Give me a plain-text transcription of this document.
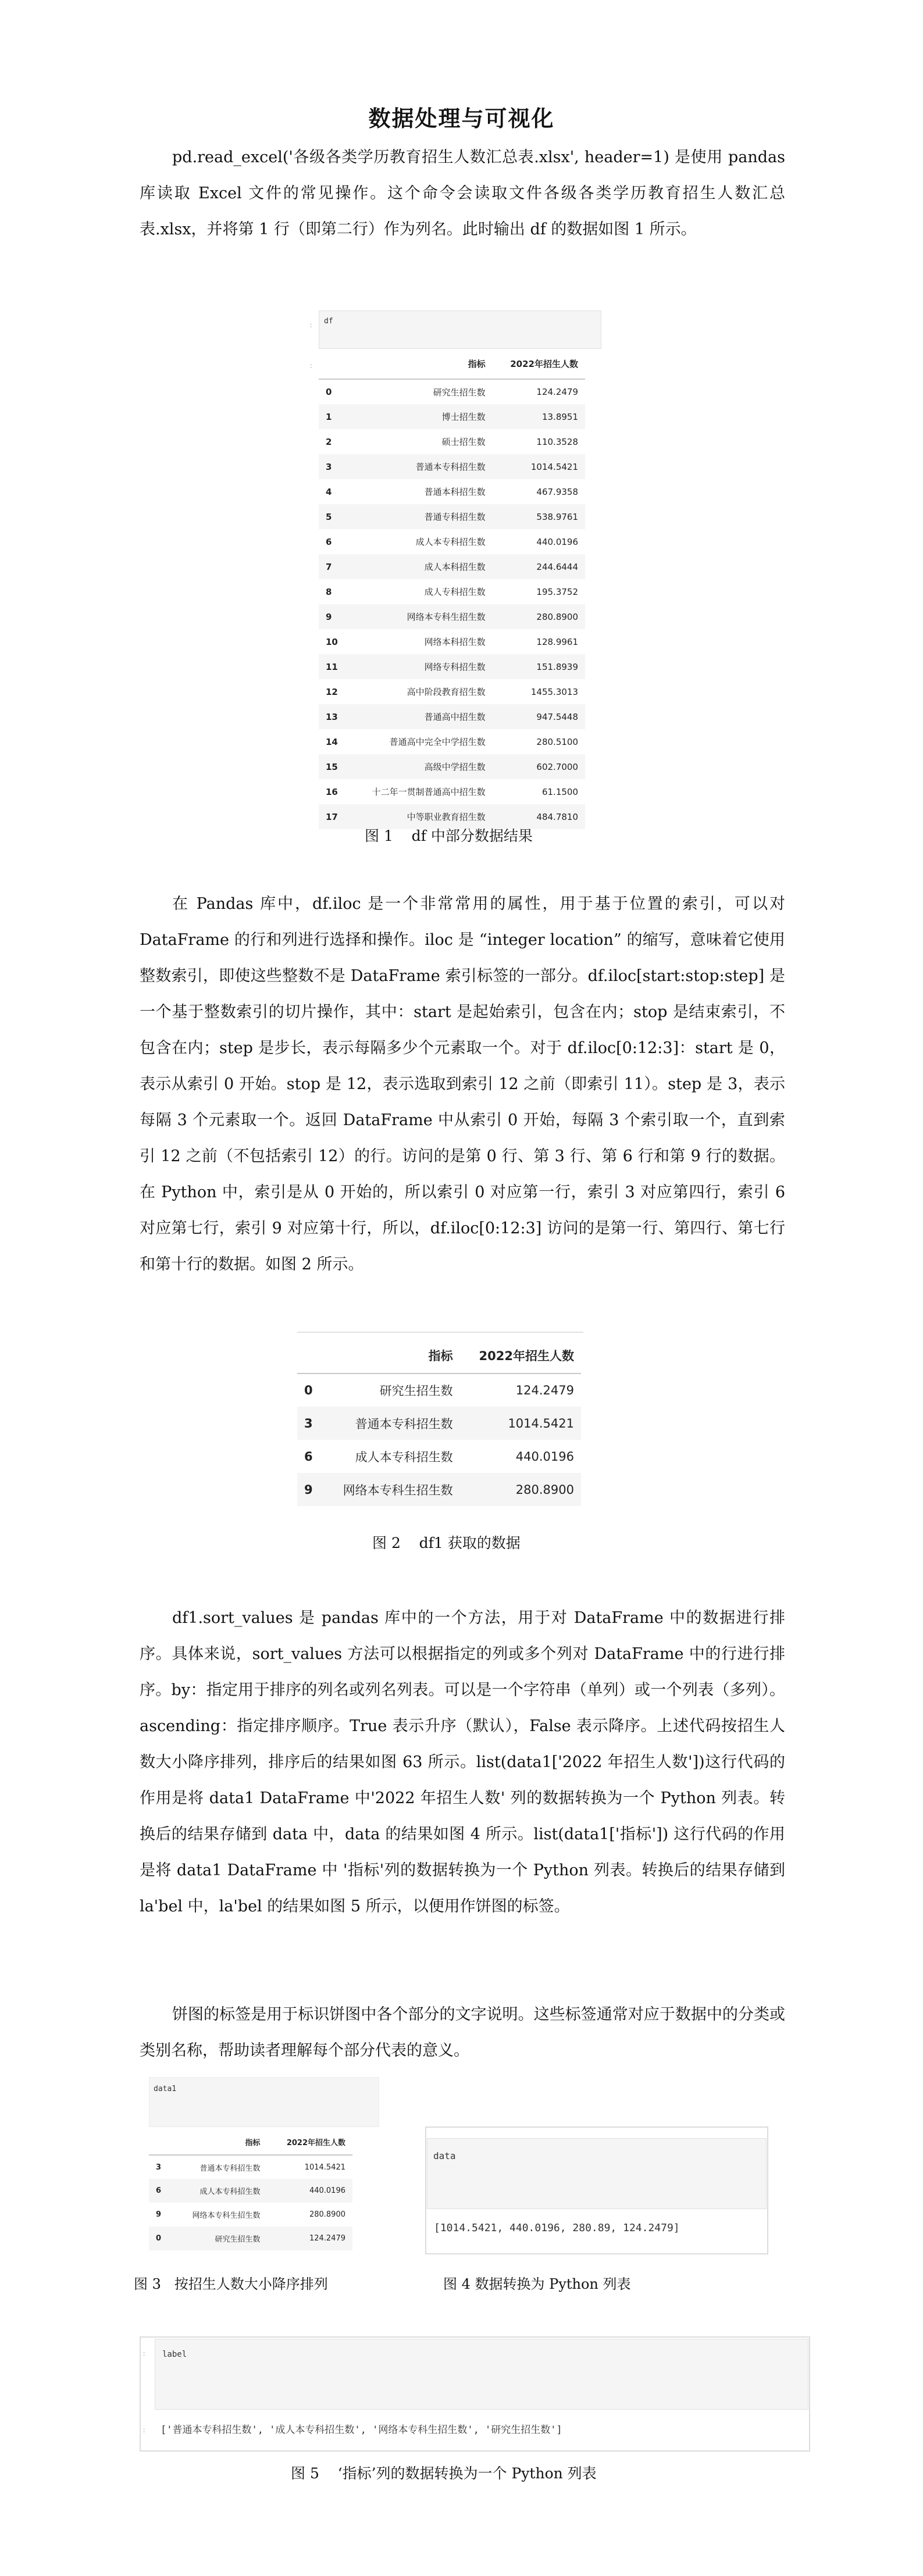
数据处理与可视化

pd.read_excel('各级各类学历教育招生人数汇总表.xlsx', header=1) 是使用 pandas 库读取 Excel 文件的常见操作。这个命令会读取文件各级各类学历教育招生人数汇总表.xlsx，并将第 1 行（即第二行）作为列名。此时输出 df 的数据如图 1 所示。

:	df
:
		指标	2022年招生人数
0	研究生招生数	124.2479
1	博士招生数	13.8951
2	硕士招生数	110.3528
3	普通本专科招生数	1014.5421
4	普通本科招生数	467.9358
5	普通专科招生数	538.9761
6	成人本专科招生数	440.0196
7	成人本科招生数	244.6444
8	成人专科招生数	195.3752
9	网络本专科生招生数	280.8900
10	网络本科招生数	128.9961
11	网络专科招生数	151.8939
12	高中阶段教育招生数	1455.3013
13	普通高中招生数	947.5448
14	普通高中完全中学招生数	280.5100
15	高级中学招生数	602.7000
16	十二年一贯制普通高中招生数	61.1500
17	中等职业教育招生数	484.7810
图 1    df 中部分数据结果

在 Pandas 库中，df.iloc 是一个非常常用的属性，用于基于位置的索引，可以对 DataFrame 的行和列进行选择和操作。iloc 是 “integer location” 的缩写，意味着它使用整数索引，即使这些整数不是 DataFrame 索引标签的一部分。df.iloc[start:stop:step] 是一个基于整数索引的切片操作，其中：start 是起始索引，包含在内；stop 是结束索引，不包含在内；step 是步长，表示每隔多少个元素取一个。对于 df.iloc[0:12:3]：start 是 0，表示从索引 0 开始。stop 是 12，表示选取到索引 12 之前（即索引 11）。step 是 3，表示每隔 3 个元素取一个。返回 DataFrame 中从索引 0 开始，每隔 3 个索引取一个，直到索引 12 之前（不包括索引 12）的行。访问的是第 0 行、第 3 行、第 6 行和第 9 行的数据。在 Python 中，索引是从 0 开始的，所以索引 0 对应第一行，索引 3 对应第四行，索引 6 对应第七行，索引 9 对应第十行，所以，df.iloc[0:12:3] 访问的是第一行、第四行、第七行和第十行的数据。如图 2 所示。

	指标	2022年招生人数
0	研究生招生数	124.2479
3	普通本专科招生数	1014.5421
6	成人本专科招生数	440.0196
9	网络本专科生招生数	280.8900
图 2    df1 获取的数据

df1.sort_values 是 pandas 库中的一个方法，用于对 DataFrame 中的数据进行排序。具体来说，sort_values 方法可以根据指定的列或多个列对 DataFrame 中的行进行排序。by：指定用于排序的列名或列名列表。可以是一个字符串（单列）或一个列表（多列）。ascending：指定排序顺序。True 表示升序（默认），False 表示降序。上述代码按招生人数大小降序排列，排序后的结果如图 63 所示。list(data1['2022 年招生人数'])这行代码的作用是将 data1 DataFrame 中'2022 年招生人数' 列的数据转换为一个 Python 列表。转换后的结果存储到 data 中，data 的结果如图 4 所示。list(data1['指标']) 这行代码的作用是将 data1 DataFrame 中 '指标'列的数据转换为一个 Python 列表。转换后的结果存储到 la'bel 中，la'bel 的结果如图 5 所示，以便用作饼图的标签。

饼图的标签是用于标识饼图中各个部分的文字说明。这些标签通常对应于数据中的分类或类别名称，帮助读者理解每个部分代表的意义。

data1
	指标	2022年招生人数
3	普通本专科招生数	1014.5421
6	成人本专科招生数	440.0196
9	网络本专科生招生数	280.8900
0	研究生招生数	124.2479
图 3   按招生人数大小降序排列
data
[1014.5421, 440.0196, 280.89, 124.2479]
图 4 数据转换为 Python 列表
:	label
: ['普通本专科招生数', '成人本专科招生数', '网络本专科生招生数', '研究生招生数']
图 5    ‘指标’列的数据转换为一个 Python 列表
